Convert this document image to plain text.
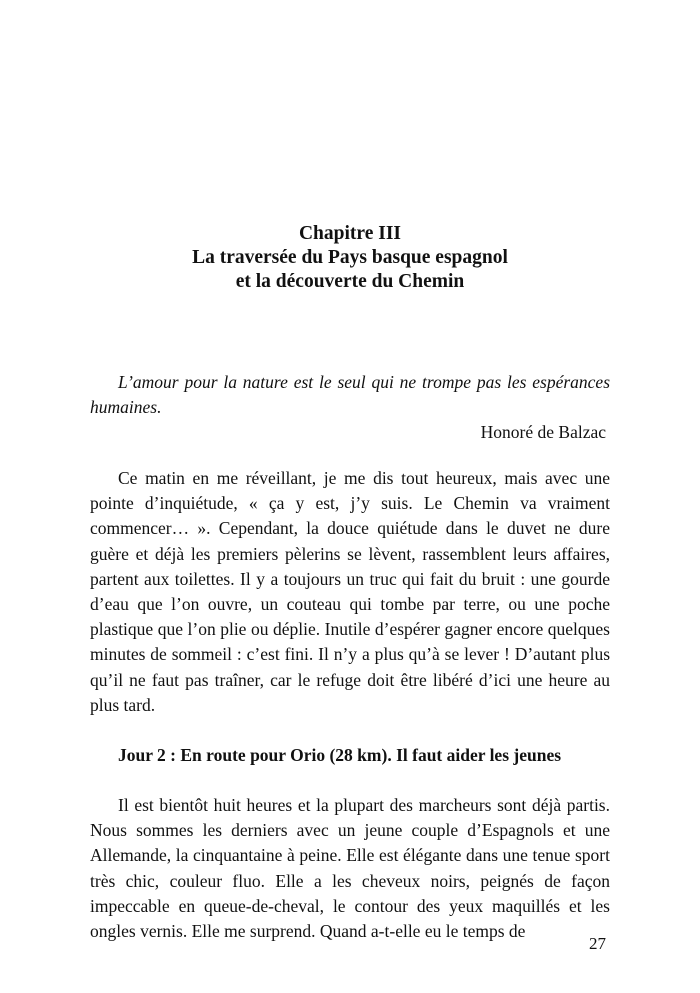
Chapitre III
La traversée du Pays basque espagnol
et la découverte du Chemin

L’amour pour la nature est le seul qui ne trompe pas les espérances humaines.

Honoré de Balzac

Ce matin en me réveillant, je me dis tout heureux, mais avec une pointe d’inquiétude, « ça y est, j’y suis. Le Chemin va vraiment commencer… ». Cependant, la douce quiétude dans le duvet ne dure guère et déjà les premiers pèlerins se lèvent, rassemblent leurs affaires, partent aux toilettes. Il y a toujours un truc qui fait du bruit : une gourde d’eau que l’on ouvre, un couteau qui tombe par terre, ou une poche plastique que l’on plie ou déplie. Inutile d’espérer gagner encore quelques minutes de sommeil : c’est fini. Il n’y a plus qu’à se lever ! D’autant plus qu’il ne faut pas traîner, car le refuge doit être libéré d’ici une heure au plus tard.

Jour 2 : En route pour Orio (28 km). Il faut aider les jeunes

Il est bientôt huit heures et la plupart des marcheurs sont déjà partis. Nous sommes les derniers avec un jeune couple d’Espagnols et une Allemande, la cinquantaine à peine. Elle est élégante dans une tenue sport très chic, couleur fluo. Elle a les cheveux noirs, peignés de façon impeccable en queue-de-cheval, le contour des yeux maquillés et les ongles vernis. Elle me surprend. Quand a-t-elle eu le temps de

27
